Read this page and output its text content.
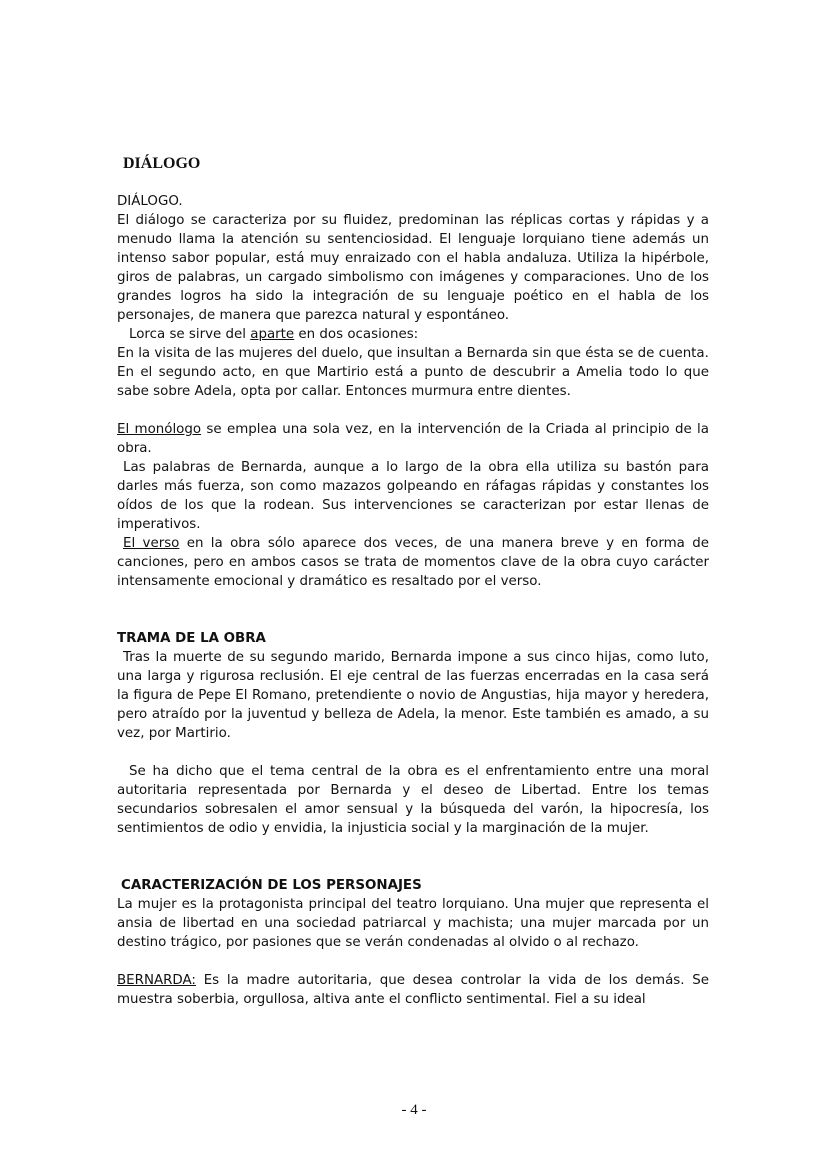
DIÁLOGO

DIÁLOGO.

El diálogo se caracteriza por su fluidez, predominan las réplicas cortas y rápidas y a menudo llama la atención su sentenciosidad. El lenguaje lorquiano tiene además un intenso sabor popular, está muy enraizado con el habla andaluza. Utiliza la hipérbole, giros de palabras, un cargado simbolismo con imágenes y comparaciones. Uno de los grandes logros ha sido la integración de su lenguaje poético en el habla de los personajes, de manera que parezca natural y espontáneo.

Lorca se sirve del aparte en dos ocasiones:

En la visita de las mujeres del duelo, que insultan a Bernarda sin que ésta se de cuenta.

En el segundo acto, en que Martirio está a punto de descubrir a Amelia todo lo que sabe sobre Adela, opta por callar. Entonces murmura entre dientes.

El monólogo se emplea una sola vez, en la intervención de la Criada al principio de la obra.

Las palabras de Bernarda, aunque a lo largo de la obra ella utiliza su bastón para darles más fuerza, son como mazazos golpeando en ráfagas rápidas y constantes los oídos de los que la rodean. Sus intervenciones se caracterizan por estar llenas de imperativos.

El verso en la obra sólo aparece dos veces, de una manera breve y en forma de canciones, pero en ambos casos se trata de momentos clave de la obra cuyo carácter intensamente emocional y dramático es resaltado por el verso.

TRAMA DE LA OBRA

Tras la muerte de su segundo marido, Bernarda impone a sus cinco hijas, como luto, una larga y rigurosa reclusión. El eje central de las fuerzas encerradas en la casa será la figura de Pepe El Romano, pretendiente o novio de Angustias, hija mayor y heredera, pero atraído por la juventud y belleza de Adela, la menor. Este también es amado, a su vez, por Martirio.

Se ha dicho que el tema central de la obra es el enfrentamiento entre una moral autoritaria representada por Bernarda y el deseo de Libertad. Entre los temas secundarios sobresalen el amor sensual y la búsqueda del varón, la hipocresía, los sentimientos de odio y envidia, la injusticia social y la marginación de la mujer.

CARACTERIZACIÓN DE LOS PERSONAJES

La mujer es la protagonista principal del teatro lorquiano. Una mujer que representa el ansia de libertad en una sociedad patriarcal y machista; una mujer marcada por un destino trágico, por pasiones que se verán condenadas al olvido o al rechazo.

BERNARDA: Es la madre autoritaria, que desea controlar la vida de los demás. Se muestra soberbia, orgullosa, altiva ante el conflicto sentimental. Fiel a su ideal

- 4 -
